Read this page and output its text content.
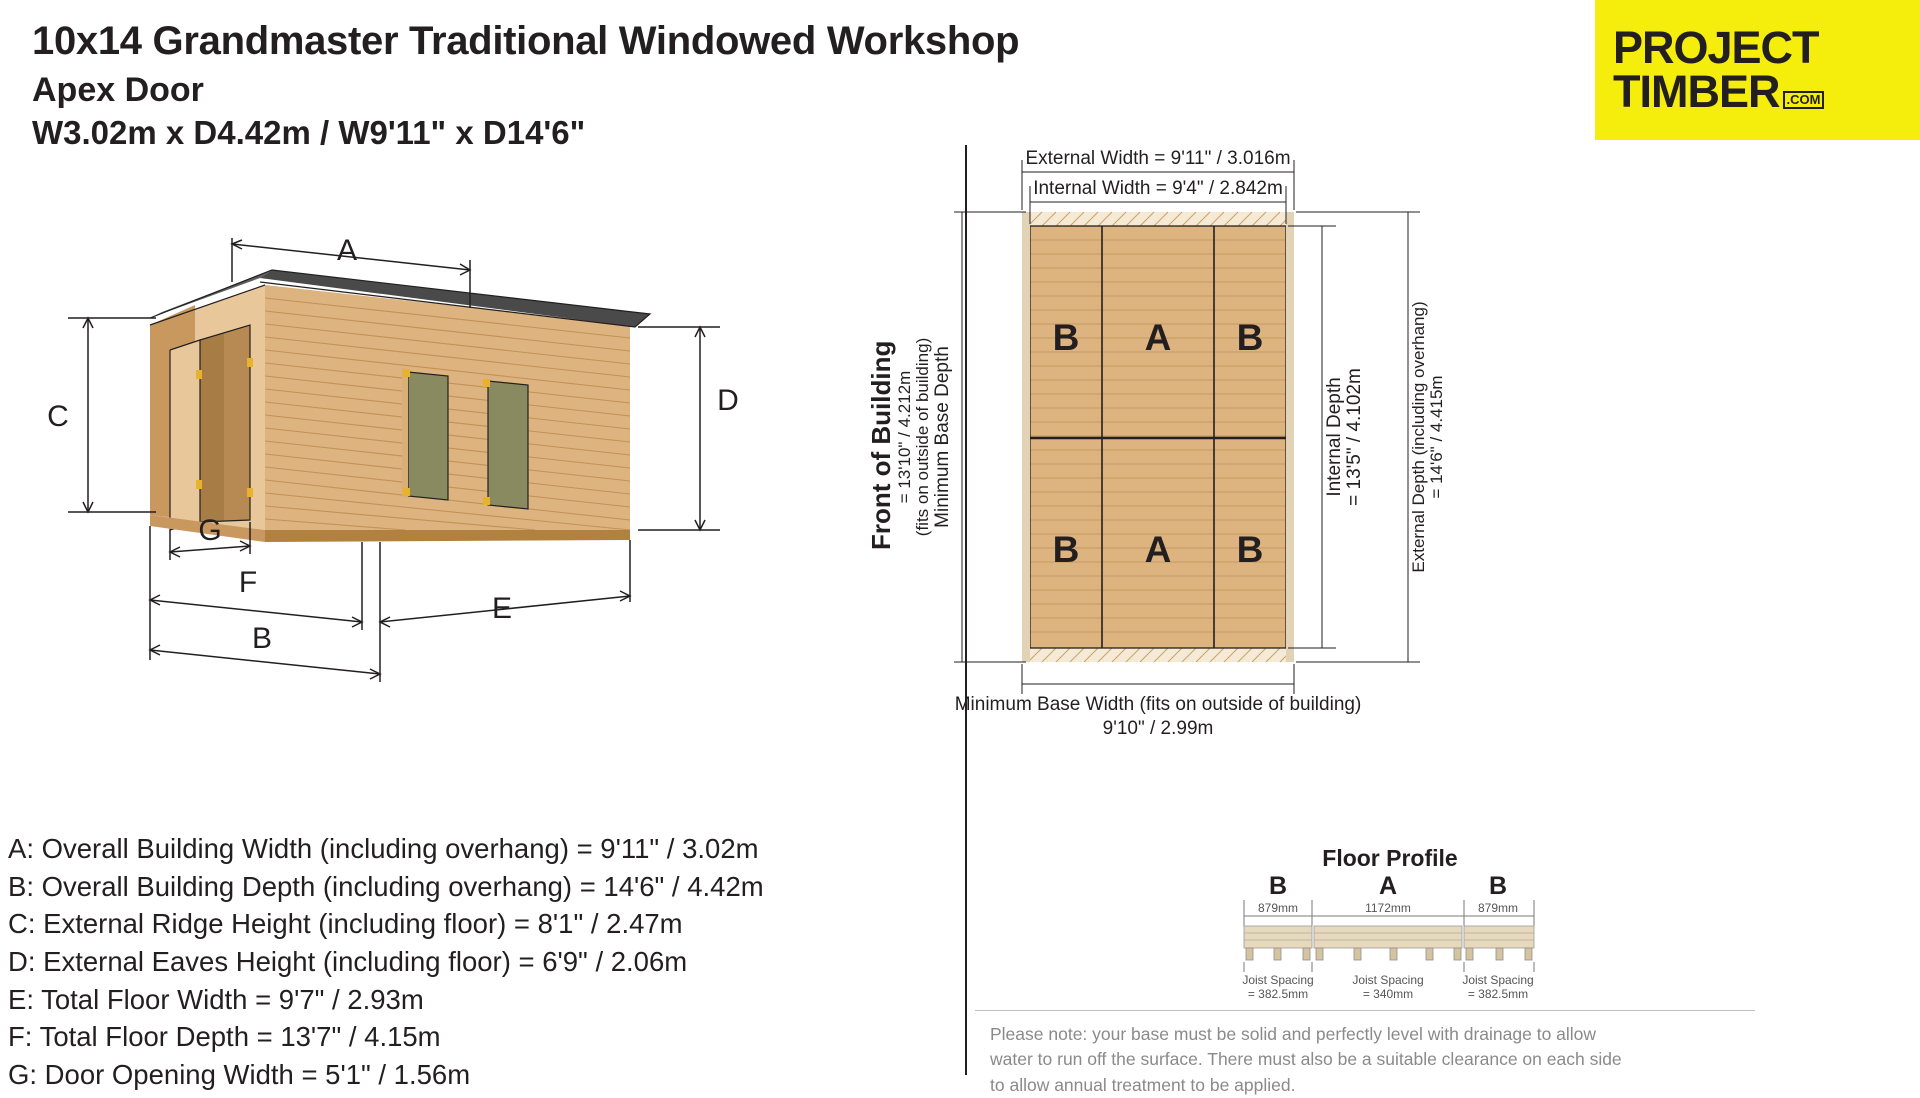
10x14 Grandmaster Traditional Windowed Workshop
Apex Door
W3.02m x D4.42m / W9'11" x D14'6"
PROJECT
TIMBER .COM
A
C	D
G
F
E
B
A: Overall Building Width (including overhang) = 9'11" / 3.02m
B: Overall Building Depth (including overhang) = 14'6" / 4.42m
C: External Ridge Height (including floor) = 8'1" / 2.47m
D: External Eaves Height (including floor) = 6'9" / 2.06m
E: Total Floor Width = 9'7" / 2.93m
F: Total Floor Depth = 13'7" / 4.15m
G: Door Opening Width = 5'1" / 1.56m
Front of Building
B A B
B A B
External Width = 9'11" / 3.016m
Internal Width = 9'4" / 2.842m
Minimum Base Depth
(fits on outside of building)
= 13'10" / 4.212m	Internal Depth = 13'5" / 4.102m	External Depth (including overhang) = 14'6" / 4.415m
Minimum Base Width (fits on outside of building)
9'10" / 2.99m
Floor Profile
B	A	B
879mm	1172mm	879mm
Joist Spacing
= 382.5mm
Joist Spacing
= 340mm
Joist Spacing
= 382.5mm
Please note: your base must be solid and perfectly level with drainage to allow
water to run off the surface. There must also be a suitable clearance on each side
to allow annual treatment to be applied.
